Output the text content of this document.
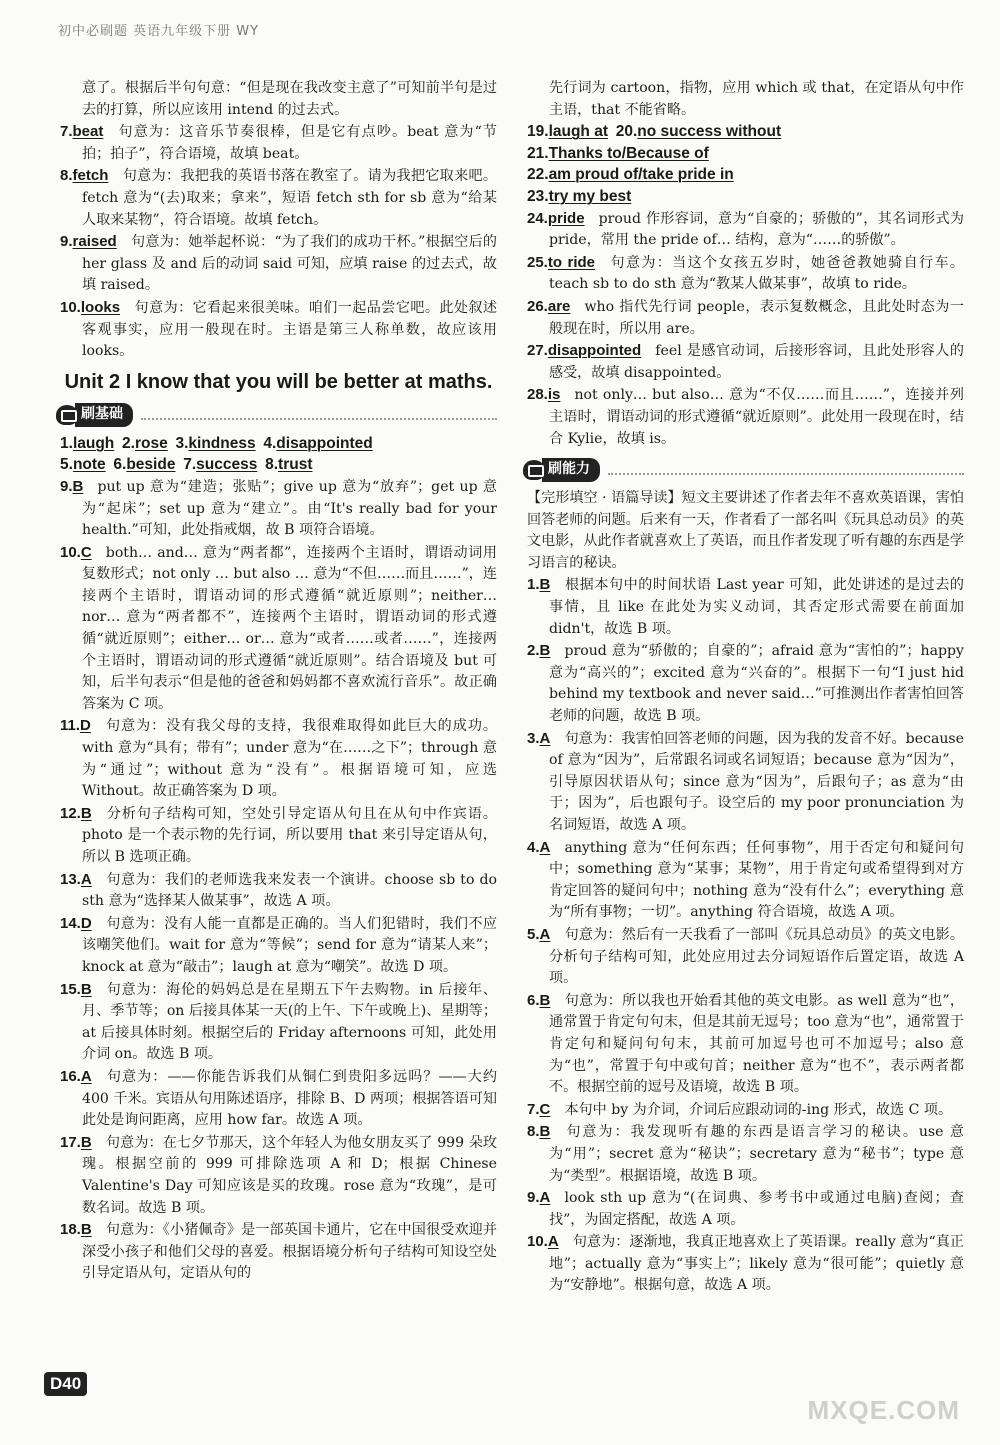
初中必刷题 英语九年级下册 WY

意了。根据后半句句意：“但是现在我改变主意了”可知前半句是过去的打算，所以应该用 intend 的过去式。

7.beat  句意为：这音乐节奏很棒，但是它有点吵。beat 意为“节拍；拍子”，符合语境，故填 beat。

8.fetch  句意为：我把我的英语书落在教室了。请为我把它取来吧。fetch 意为“(去)取来；拿来”，短语 fetch sth for sb 意为“给某人取来某物”，符合语境。故填 fetch。

9.raised  句意为：她举起杯说：“为了我们的成功干杯。”根据空后的 her glass 及 and 后的动词 said 可知，应填 raise 的过去式，故填 raised。

10.looks  句意为：它看起来很美味。咱们一起品尝它吧。此处叙述客观事实，应用一般现在时。主语是第三人称单数，故应该用 looks。

Unit 2 I know that you will be better at maths.
刷基础

1.laugh  2.rose  3.kindness  4.disappointed 

5.note  6.beside  7.success  8.trust 

9.B  put up 意为“建造；张贴”；give up 意为“放弃”；get up 意为“起床”；set up 意为“建立”。由“It's really bad for your health.”可知，此处指戒烟，故 B 项符合语境。

10.C  both… and… 意为“两者都”，连接两个主语时，谓语动词用复数形式；not only … but also … 意为“不但……而且……”，连接两个主语时，谓语动词的形式遵循“就近原则”；neither… nor… 意为“两者都不”，连接两个主语时，谓语动词的形式遵循“就近原则”；either… or… 意为“或者……或者……”，连接两个主语时，谓语动词的形式遵循“就近原则”。结合语境及 but 可知，后半句表示“但是他的爸爸和妈妈都不喜欢流行音乐”。故正确答案为 C 项。

11.D  句意为：没有我父母的支持，我很难取得如此巨大的成功。with 意为“具有；带有”；under 意为“在……之下”；through 意为“通过”；without 意为“没有”。根据语境可知，应选 Without。故正确答案为 D 项。

12.B  分析句子结构可知，空处引导定语从句且在从句中作宾语。photo 是一个表示物的先行词，所以要用 that 来引导定语从句，所以 B 选项正确。

13.A  句意为：我们的老师选我来发表一个演讲。choose sb to do sth 意为“选择某人做某事”，故选 A 项。

14.D  句意为：没有人能一直都是正确的。当人们犯错时，我们不应该嘲笑他们。wait for 意为“等候”；send for 意为“请某人来”；knock at 意为“敲击”；laugh at 意为“嘲笑”。故选 D 项。

15.B  句意为：海伦的妈妈总是在星期五下午去购物。in 后接年、月、季节等；on 后接具体某一天(的上午、下午或晚上)、星期等；at 后接具体时刻。根据空后的 Friday afternoons 可知，此处用介词 on。故选 B 项。

16.A  句意为：——你能告诉我们从铜仁到贵阳多远吗？——大约 400 千米。宾语从句用陈述语序，排除 B、D 两项；根据答语可知此处是询问距离，应用 how far。故选 A 项。

17.B  句意为：在七夕节那天，这个年轻人为他女朋友买了 999 朵玫瑰。根据空前的 999 可排除选项 A 和 D；根据 Chinese Valentine's Day 可知应该是买的玫瑰。rose 意为“玫瑰”，是可数名词。故选 B 项。

18.B  句意为：《小猪佩奇》是一部英国卡通片，它在中国很受欢迎并深受小孩子和他们父母的喜爱。根据语境分析句子结构可知设空处引导定语从句，定语从句的

先行词为 cartoon，指物，应用 which 或 that，在定语从句中作主语，that 不能省略。

19.laugh at  20.no success without 

21.Thanks to/Because of 

22.am proud of/take pride in 

23.try my best 

24.pride  proud 作形容词，意为“自豪的；骄傲的”，其名词形式为 pride，常用 the pride of… 结构，意为“……的骄傲”。

25.to ride  句意为：当这个女孩五岁时，她爸爸教她骑自行车。teach sb to do sth 意为“教某人做某事”，故填 to ride。

26.are  who 指代先行词 people，表示复数概念，且此处时态为一般现在时，所以用 are。

27.disappointed  feel 是感官动词，后接形容词，且此处形容人的感受，故填 disappointed。

28.is  not only… but also… 意为“不仅……而且……”，连接并列主语时，谓语动词的形式遵循“就近原则”。此处用一段现在时，结合 Kylie，故填 is。

刷能力

【完形填空 · 语篇导读】短文主要讲述了作者去年不喜欢英语课，害怕回答老师的问题。后来有一天，作者看了一部名叫《玩具总动员》的英文电影，从此作者就喜欢上了英语，而且作者发现了听有趣的东西是学习语言的秘诀。

1.B  根据本句中的时间状语 Last year 可知，此处讲述的是过去的事情，且 like 在此处为实义动词，其否定形式需要在前面加 didn't，故选 B 项。

2.B  proud 意为“骄傲的；自豪的”；afraid 意为“害怕的”；happy 意为“高兴的”；excited 意为“兴奋的”。根据下一句“I just hid behind my textbook and never said…”可推测出作者害怕回答老师的问题，故选 B 项。

3.A  句意为：我害怕回答老师的问题，因为我的发音不好。because of 意为“因为”，后常跟名词或名词短语；because 意为“因为”，引导原因状语从句；since 意为“因为”，后跟句子；as 意为“由于；因为”，后也跟句子。设空后的 my poor pronunciation 为名词短语，故选 A 项。

4.A  anything 意为“任何东西；任何事物”，用于否定句和疑问句中；something 意为“某事；某物”，用于肯定句或希望得到对方肯定回答的疑问句中；nothing 意为“没有什么”；everything 意为“所有事物；一切”。anything 符合语境，故选 A 项。

5.A  句意为：然后有一天我看了一部叫《玩具总动员》的英文电影。分析句子结构可知，此处应用过去分词短语作后置定语，故选 A 项。

6.B  句意为：所以我也开始看其他的英文电影。as well 意为“也”，通常置于肯定句句末，但是其前无逗号；too 意为“也”，通常置于肯定句和疑问句句末，其前可加逗号也可不加逗号；also 意为“也”，常置于句中或句首；neither 意为“也不”，表示两者都不。根据空前的逗号及语境，故选 B 项。

7.C  本句中 by 为介词，介词后应跟动词的-ing 形式，故选 C 项。

8.B  句意为：我发现听有趣的东西是语言学习的秘诀。use 意为“用”；secret 意为“秘诀”；secretary 意为“秘书”；type 意为“类型”。根据语境，故选 B 项。

9.A  look sth up 意为“(在词典、参考书中或通过电脑)查阅；查找”，为固定搭配，故选 A 项。

10.A  句意为：逐渐地，我真正地喜欢上了英语课。really 意为“真正地”；actually 意为“事实上”；likely 意为“很可能”；quietly 意为“安静地”。根据句意，故选 A 项。

D40
MXQE.COM
